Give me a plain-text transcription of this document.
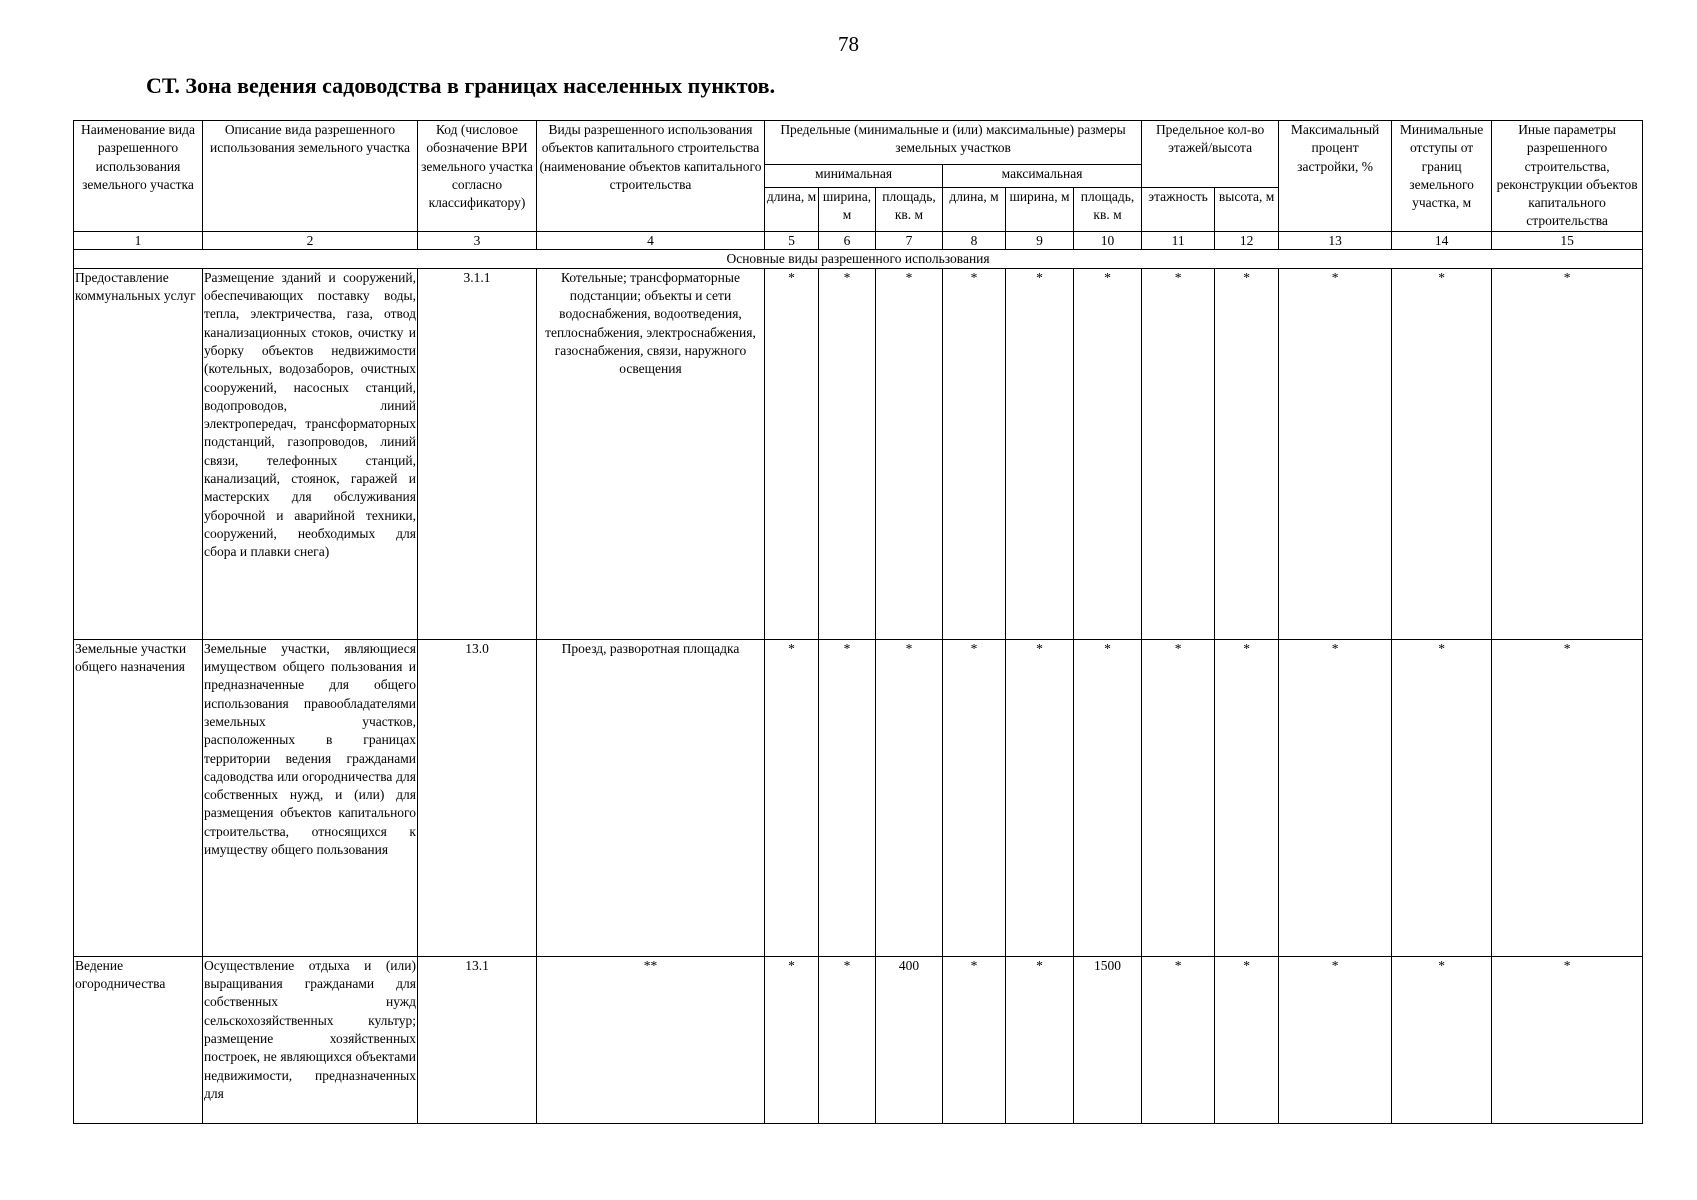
78
СТ. Зона ведения садоводства в границах населенных пунктов.
Наименование вида разрешенного использования земельного участка	Описание вида разрешенного использования земельного участка	Код (числовое обозначение ВРИ земельного участка согласно классификатору)	Виды разрешенного использования объектов капитального строительства (наименование объектов капитального строительства	Предельные (минимальные и (или) максимальные) размеры земельных участков						Предельное кол-во этажей/высота		Максимальный процент застройки, %	Минимальные отступы от границ земельного участка, м	Иные параметры разрешенного строительства, реконструкции объектов капитального строительства
				минимальная			максимальная							
				длина, м	ширина, м	площадь, кв. м	длина, м	ширина, м	площадь, кв. м	этажность	высота, м			
1	2	3	4	5	6	7	8	9	10	11	12	13	14	15
Основные виды разрешенного использования														
Предоставление коммунальных услуг	Размещение зданий и сооружений, обеспечивающих поставку воды, тепла, электричества, газа, отвод канализационных стоков, очистку и уборку объектов недвижимости (котельных, водозаборов, очистных сооружений, насосных станций, водопроводов, линий электропередач, трансформаторных подстанций, газопроводов, линий связи, телефонных станций, канализаций, стоянок, гаражей и мастерских для обслуживания уборочной и аварийной техники, сооружений, необходимых для сбора и плавки снега)	3.1.1	Котельные; трансформаторные подстанции; объекты и сети водоснабжения, водоотведения, теплоснабжения, электроснабжения, газоснабжения, связи, наружного освещения	*	*	*	*	*	*	*	*	*	*	*
Земельные участки общего назначения	Земельные участки, являющиеся имуществом общего пользования и предназначенные для общего использования правообладателями земельных участков, расположенных в границах территории ведения гражданами садоводства или огородничества для собственных нужд, и (или) для размещения объектов капитального строительства, относящихся к имуществу общего пользования	13.0	Проезд, разворотная площадка	*	*	*	*	*	*	*	*	*	*	*
Ведение огородничества	Осуществление отдыха и (или) выращивания гражданами для собственных нужд сельскохозяйственных культур; размещение хозяйственных построек, не являющихся объектами недвижимости, предназначенных для	13.1	**	*	*	400	*	*	1500	*	*	*	*	*
